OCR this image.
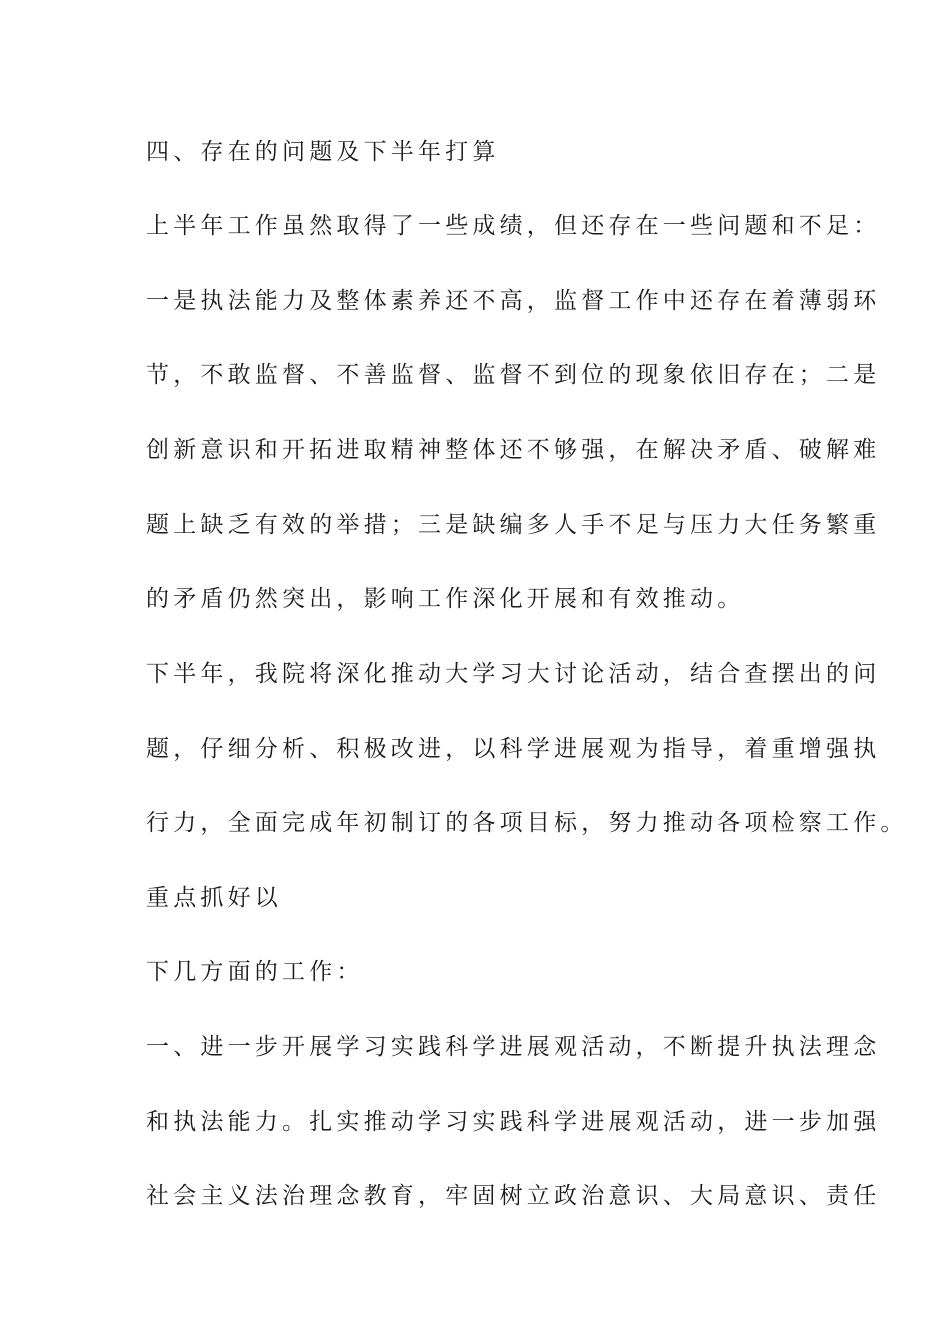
四、存在的问题及下半年打算
上半年工作虽然取得了一些成绩，但还存在一些问题和不足：
一是执法能力及整体素养还不高，监督工作中还存在着薄弱环
节，不敢监督、不善监督、监督不到位的现象依旧存在；二是
创新意识和开拓进取精神整体还不够强，在解决矛盾、破解难
题上缺乏有效的举措；三是缺编多人手不足与压力大任务繁重
的矛盾仍然突出，影响工作深化开展和有效推动。
下半年，我院将深化推动大学习大讨论活动，结合查摆出的问
题，仔细分析、积极改进，以科学进展观为指导，着重增强执
行力，全面完成年初制订的各项目标，努力推动各项检察工作。
重点抓好以
下几方面的工作：
一、进一步开展学习实践科学进展观活动，不断提升执法理念
和执法能力。扎实推动学习实践科学进展观活动，进一步加强
社会主义法治理念教育，牢固树立政治意识、大局意识、责任
